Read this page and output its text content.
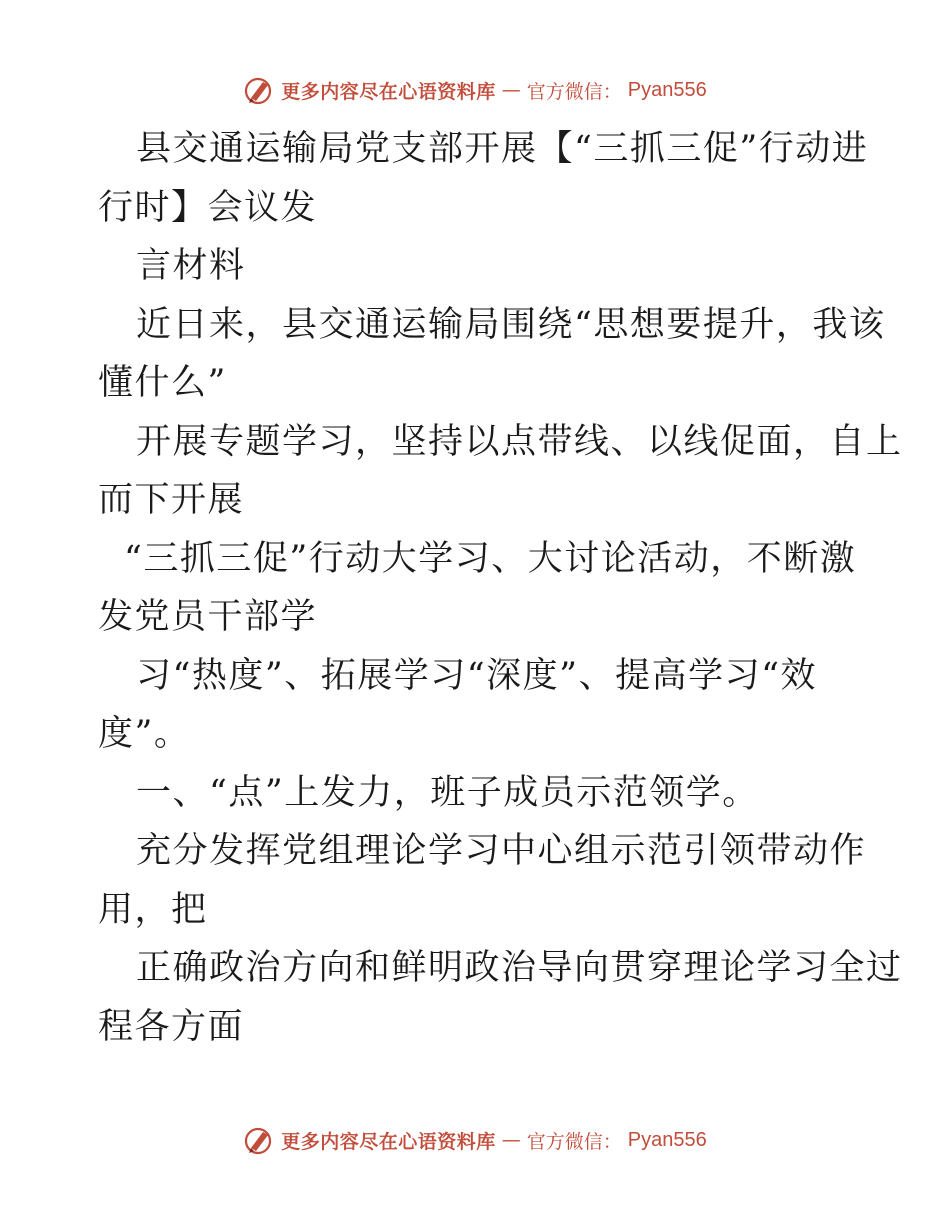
更多内容尽在心语资料库 — 官方微信： Pyan556

县交通运输局党支部开展【“三抓三促”行动进

行时】会议发

言材料

近日来，县交通运输局围绕“思想要提升，我该

懂什么”

开展专题学习，坚持以点带线、以线促面，自上

而下开展

“三抓三促”行动大学习、大讨论活动，不断激

发党员干部学

习“热度”、拓展学习“深度”、提高学习“效

度”。

一、“点”上发力，班子成员示范领学。

充分发挥党组理论学习中心组示范引领带动作

用，把

正确政治方向和鲜明政治导向贯穿理论学习全过

程各方面

更多内容尽在心语资料库 — 官方微信： Pyan556
